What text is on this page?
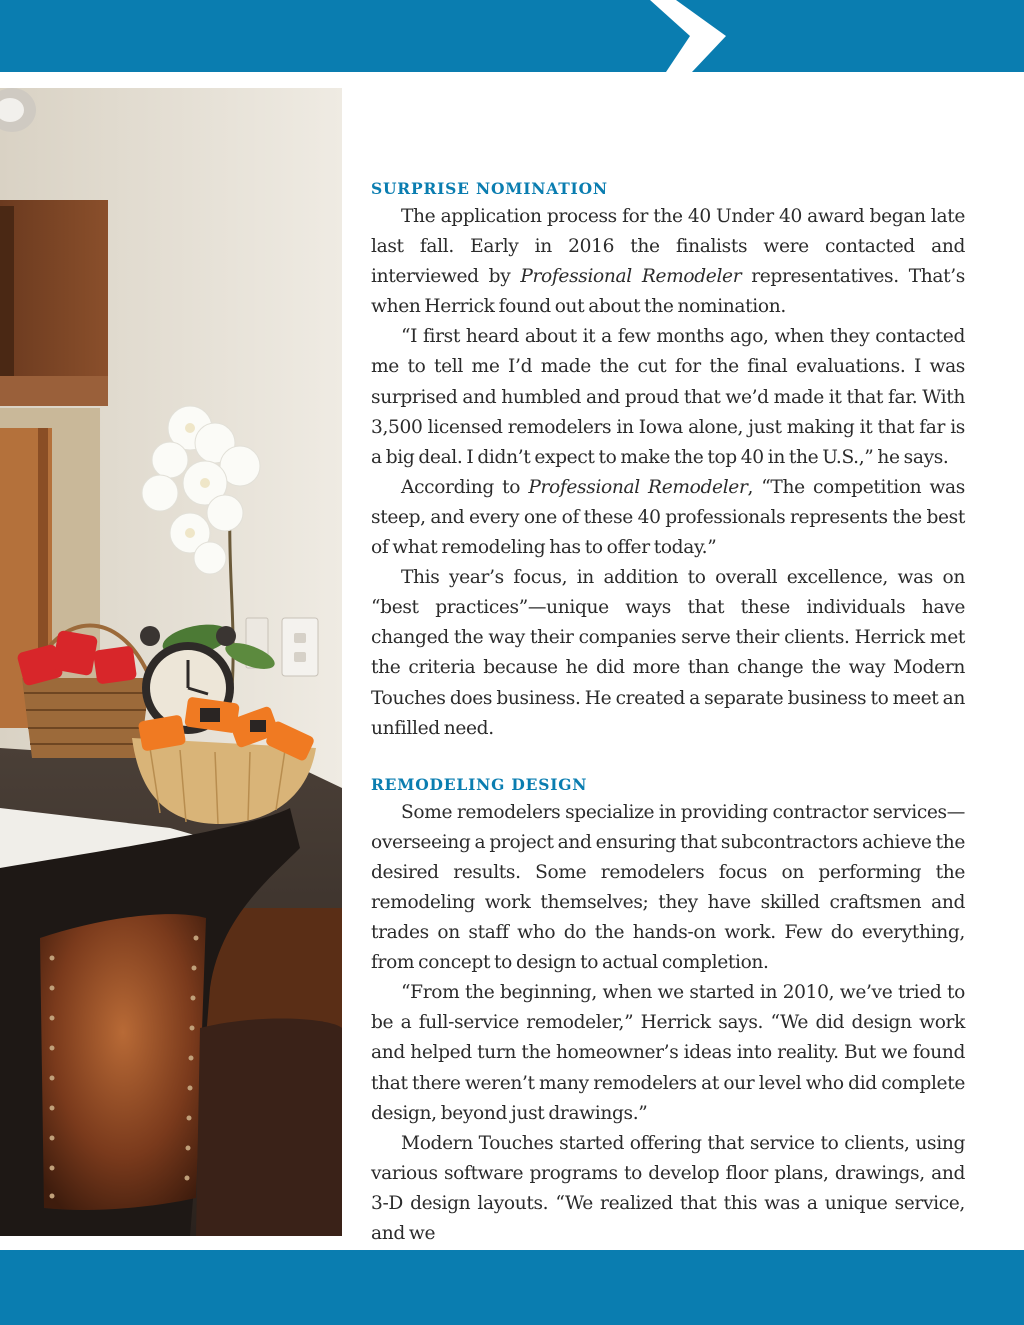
SURPRISE NOMINATION

The application process for the 40 Under 40 award began late last fall. Early in 2016 the finalists were contacted and interviewed by Professional Remodeler representatives. That’s when Herrick found out about the nomination.

“I first heard about it a few months ago, when they contacted me to tell me I’d made the cut for the final evaluations. I was surprised and humbled and proud that we’d made it that far. With 3,500 licensed remodelers in Iowa alone, just making it that far is a big deal. I didn’t expect to make the top 40 in the U.S.,” he says.

According to Professional Remodeler, “The competition was steep, and every one of these 40 professionals represents the best of what remodeling has to offer today.”

This year’s focus, in addition to overall excellence, was on “best practices”—unique ways that these individuals have changed the way their companies serve their clients. Herrick met the criteria because he did more than change the way Modern Touches does business. He created a separate business to meet an unfilled need.

REMODELING DESIGN

Some remodelers specialize in providing contractor services—overseeing a project and ensuring that subcontractors achieve the desired results. Some remodelers focus on performing the remodeling work themselves; they have skilled craftsmen and trades on staff who do the hands-on work. Few do everything, from concept to design to actual completion.

“From the beginning, when we started in 2010, we’ve tried to be a full-service remodeler,” Herrick says. “We did design work and helped turn the homeowner’s ideas into reality. But we found that there weren’t many remodelers at our level who did complete design, beyond just drawings.”

Modern Touches started offering that service to clients, using various software programs to develop floor plans, drawings, and 3-D design layouts. “We realized that this was a unique service, and we
